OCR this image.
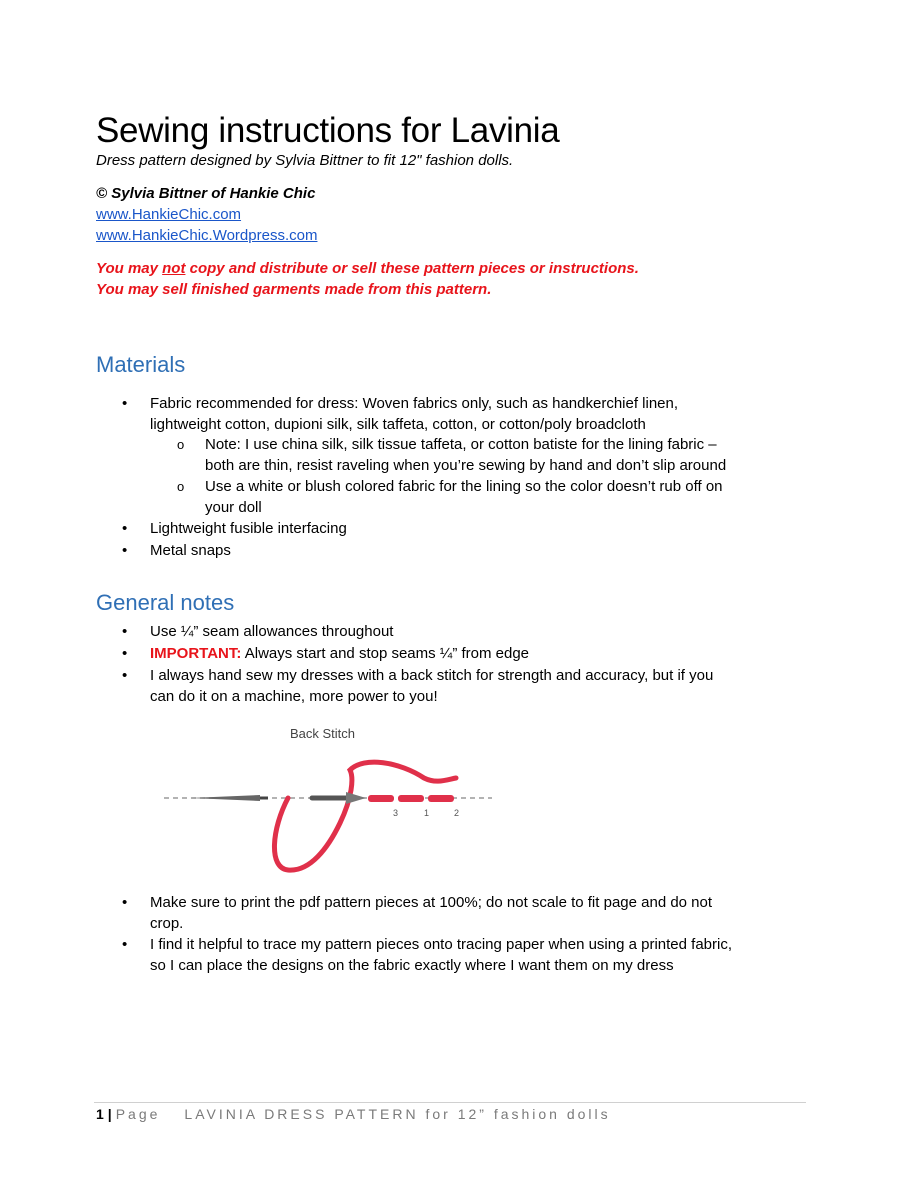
Sewing instructions for Lavinia
Dress pattern designed by Sylvia Bittner to fit 12" fashion dolls.
© Sylvia Bittner of Hankie Chic
www.HankieChic.com
www.HankieChic.Wordpress.com
You may not copy and distribute or sell these pattern pieces or instructions.
You may sell finished garments made from this pattern.
Materials
• Fabric recommended for dress: Woven fabrics only, such as handkerchief linen,
lightweight cotton, dupioni silk, silk taffeta, cotton, or cotton/poly broadcloth
o Note: I use china silk, silk tissue taffeta, or cotton batiste for the lining fabric –
both are thin, resist raveling when you’re sewing by hand and don’t slip around
o Use a white or blush colored fabric for the lining so the color doesn’t rub off on
your doll
• Lightweight fusible interfacing
• Metal snaps
General notes
• Use ¼” seam allowances throughout
• IMPORTANT: Always start and stop seams ¼” from edge
• I always hand sew my dresses with a back stitch for strength and accuracy, but if you
can do it on a machine, more power to you!
Back Stitch
3	1	2
• Make sure to print the pdf pattern pieces at 100%; do not scale to fit page and do not
crop.
• I find it helpful to trace my pattern pieces onto tracing paper when using a printed fabric,
so I can place the designs on the fabric exactly where I want them on my dress
1 | Page LAVINIA DRESS PATTERN for 12” fashion dolls
